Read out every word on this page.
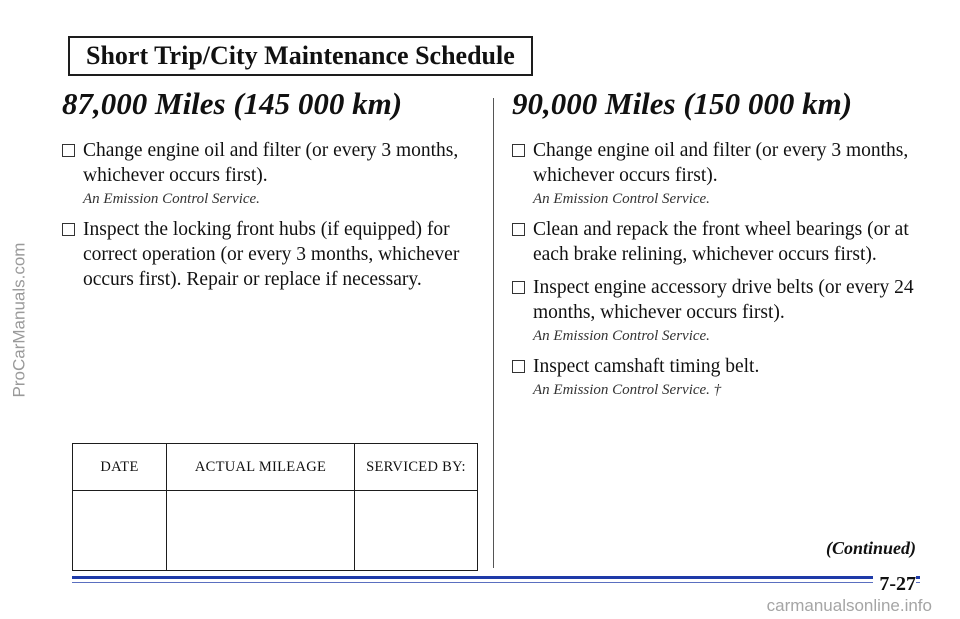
ProCarManuals.com
Short Trip/City Maintenance Schedule
87,000 Miles (145 000 km)	90,000 Miles (150 000 km)
Change engine oil and filter (or every 3 months, whichever occurs first).
An Emission Control Service.
Inspect the locking front hubs (if equipped) for correct operation (or every 3 months, whichever occurs first). Repair or replace if necessary.
Change engine oil and filter (or every 3 months, whichever occurs first).
An Emission Control Service.
Clean and repack the front wheel bearings (or at each brake relining, whichever occurs first).
Inspect engine accessory drive belts (or every 24 months, whichever occurs first).
An Emission Control Service.
Inspect camshaft timing belt.
An Emission Control Service. †
DATE	ACTUAL MILEAGE	SERVICED BY:

(Continued)
7-27
carmanualsonline.info
